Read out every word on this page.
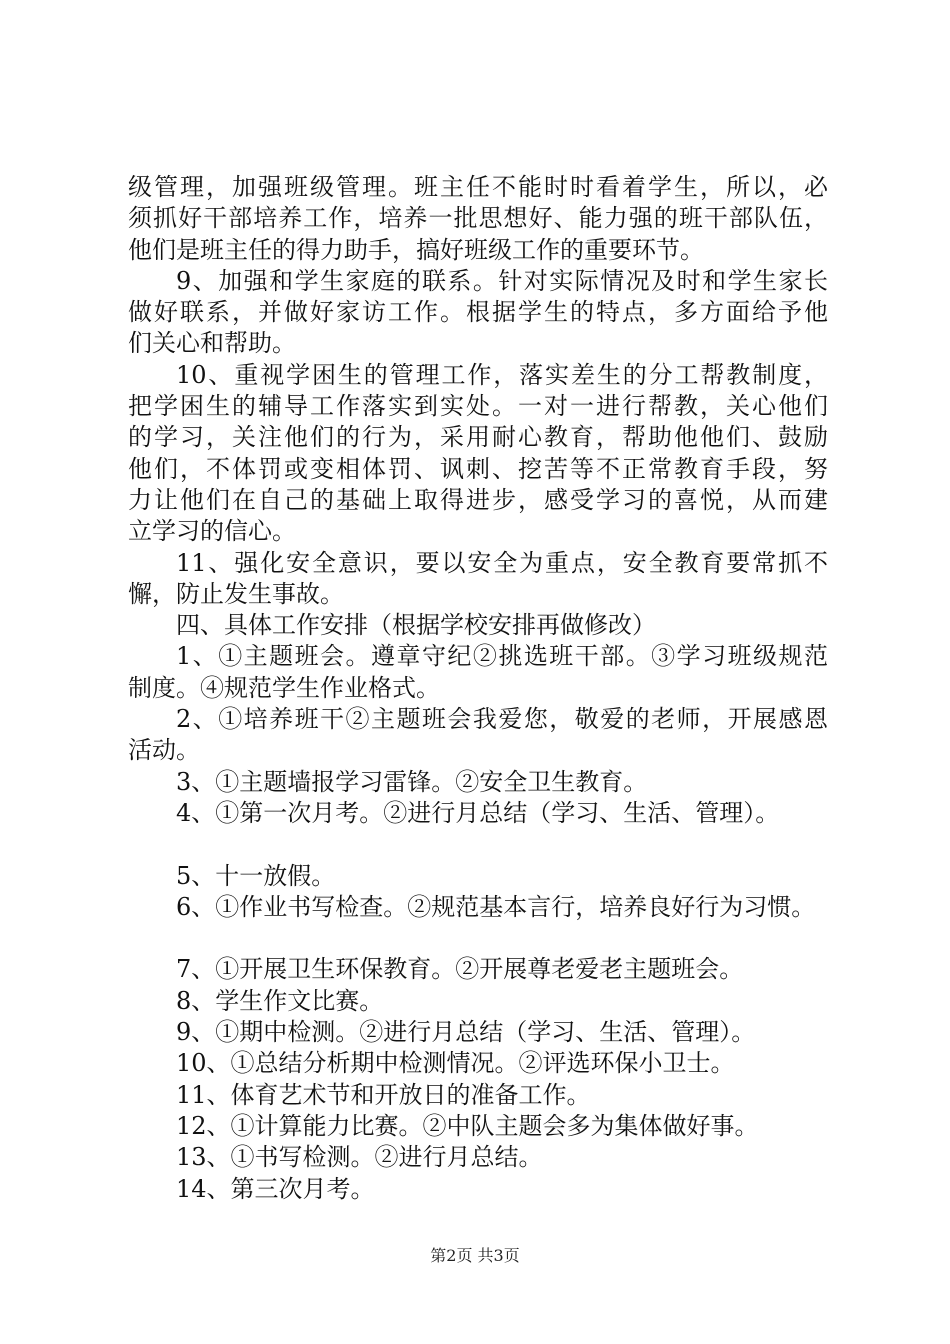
级管理，加强班级管理。班主任不能时时看着学生，所以，必
须抓好干部培养工作，培养一批思想好、能力强的班干部队伍，
他们是班主任的得力助手，搞好班级工作的重要环节。
9、加强和学生家庭的联系。针对实际情况及时和学生家长
做好联系，并做好家访工作。根据学生的特点，多方面给予他
们关心和帮助。
10、重视学困生的管理工作，落实差生的分工帮教制度，
把学困生的辅导工作落实到实处。一对一进行帮教，关心他们
的学习，关注他们的行为，采用耐心教育，帮助他他们、鼓励
他们，不体罚或变相体罚、讽刺、挖苦等不正常教育手段，努
力让他们在自己的基础上取得进步，感受学习的喜悦，从而建
立学习的信心。
11、强化安全意识，要以安全为重点，安全教育要常抓不
懈，防止发生事故。
四、具体工作安排（根据学校安排再做修改）
1、①主题班会。遵章守纪②挑选班干部。③学习班级规范
制度。④规范学生作业格式。
2、①培养班干②主题班会我爱您，敬爱的老师，开展感恩
活动。
3、①主题墙报学习雷锋。②安全卫生教育。
4、①第一次月考。②进行月总结（学习、生活、管理）。
5、十一放假。
6、①作业书写检查。②规范基本言行，培养良好行为习惯。
7、①开展卫生环保教育。②开展尊老爱老主题班会。
8、学生作文比赛。
9、①期中检测。②进行月总结（学习、生活、管理）。
10、①总结分析期中检测情况。②评选环保小卫士。
11、体育艺术节和开放日的准备工作。
12、①计算能力比赛。②中队主题会多为集体做好事。
13、①书写检测。②进行月总结。
14、第三次月考。
第2页 共3页
